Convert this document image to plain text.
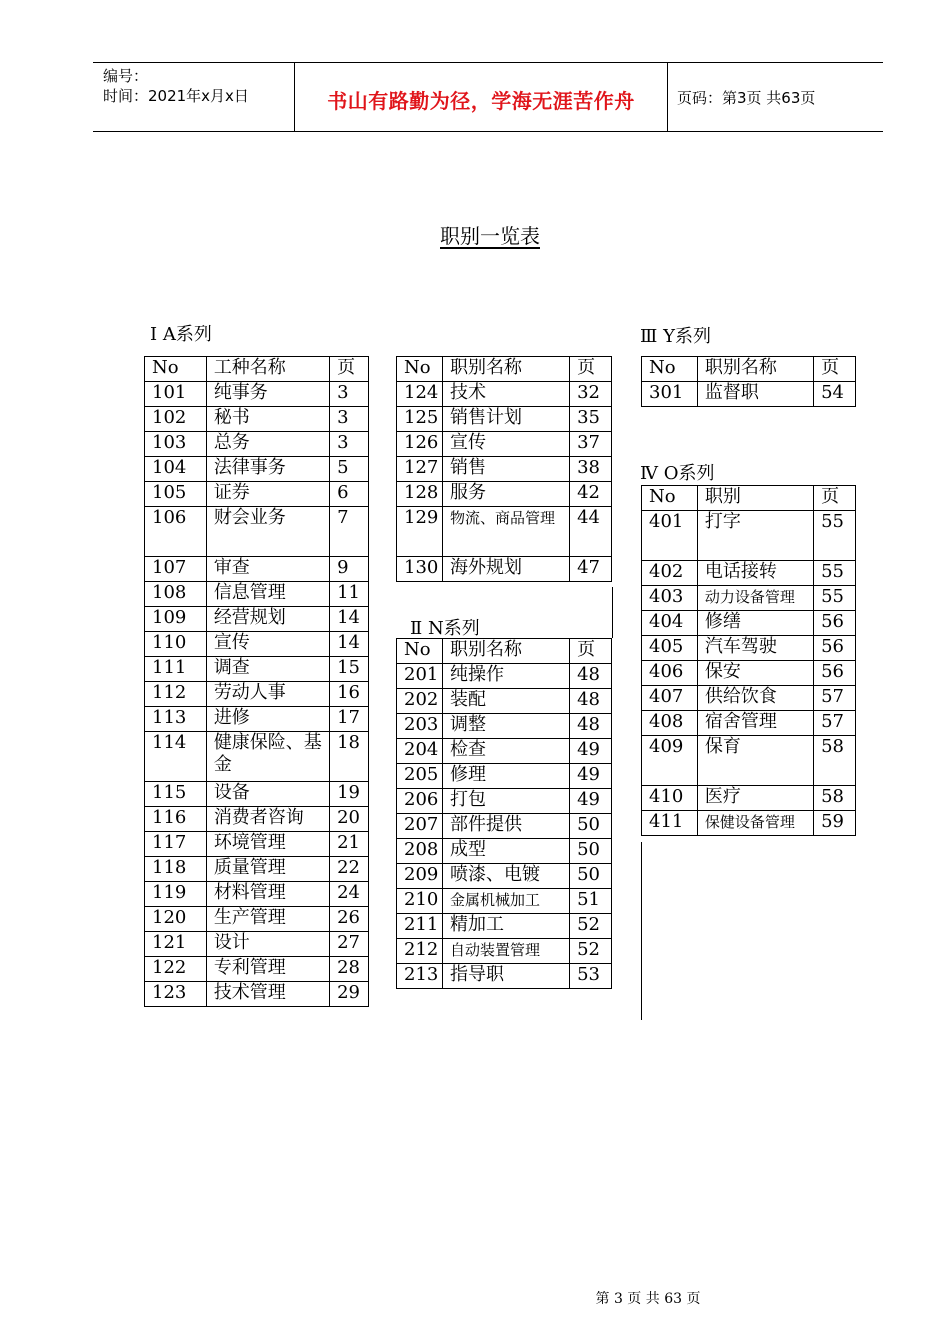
编号：
时间：2021年x月x日	书山有路勤为径，学海无涯苦作舟	页码：第3页 共63页
职别一览表
Ⅰ A系列	Ⅲ Y系列
Ⅳ O系列
Ⅱ N系列
No	工种名称	页
101	纯事务	3
102	秘书	3
103	总务	3
104	法律事务	5
105	证券	6
106	财会业务	7
107	审查	9
108	信息管理	11
109	经营规划	14
110	宣传	14
111	调查	15
112	劳动人事	16
113	进修	17
114	健康保险、基金	18
115	设备	19
116	消费者咨询	20
117	环境管理	21
118	质量管理	22
119	材料管理	24
120	生产管理	26
121	设计	27
122	专利管理	28
123	技术管理	29
No	职别名称	页
124	技术	32
125	销售计划	35
126	宣传	37
127	销售	38
128	服务	42
129	物流、商品管理	44
130	海外规划	47
No	职别名称	页
201	纯操作	48
202	装配	48
203	调整	48
204	检查	49
205	修理	49
206	打包	49
207	部件提供	50
208	成型	50
209	喷漆、电镀	50
210	金属机械加工	51
211	精加工	52
212	自动装置管理	52
213	指导职	53
No	职别名称	页
301	监督职	54
No	职别	页
401	打字	55
402	电话接转	55
403	动力设备管理	55
404	修缮	56
405	汽车驾驶	56
406	保安	56
407	供给饮食	57
408	宿舍管理	57
409	保育	58
410	医疗	58
411	保健设备管理	59
第 3 页 共 63 页
